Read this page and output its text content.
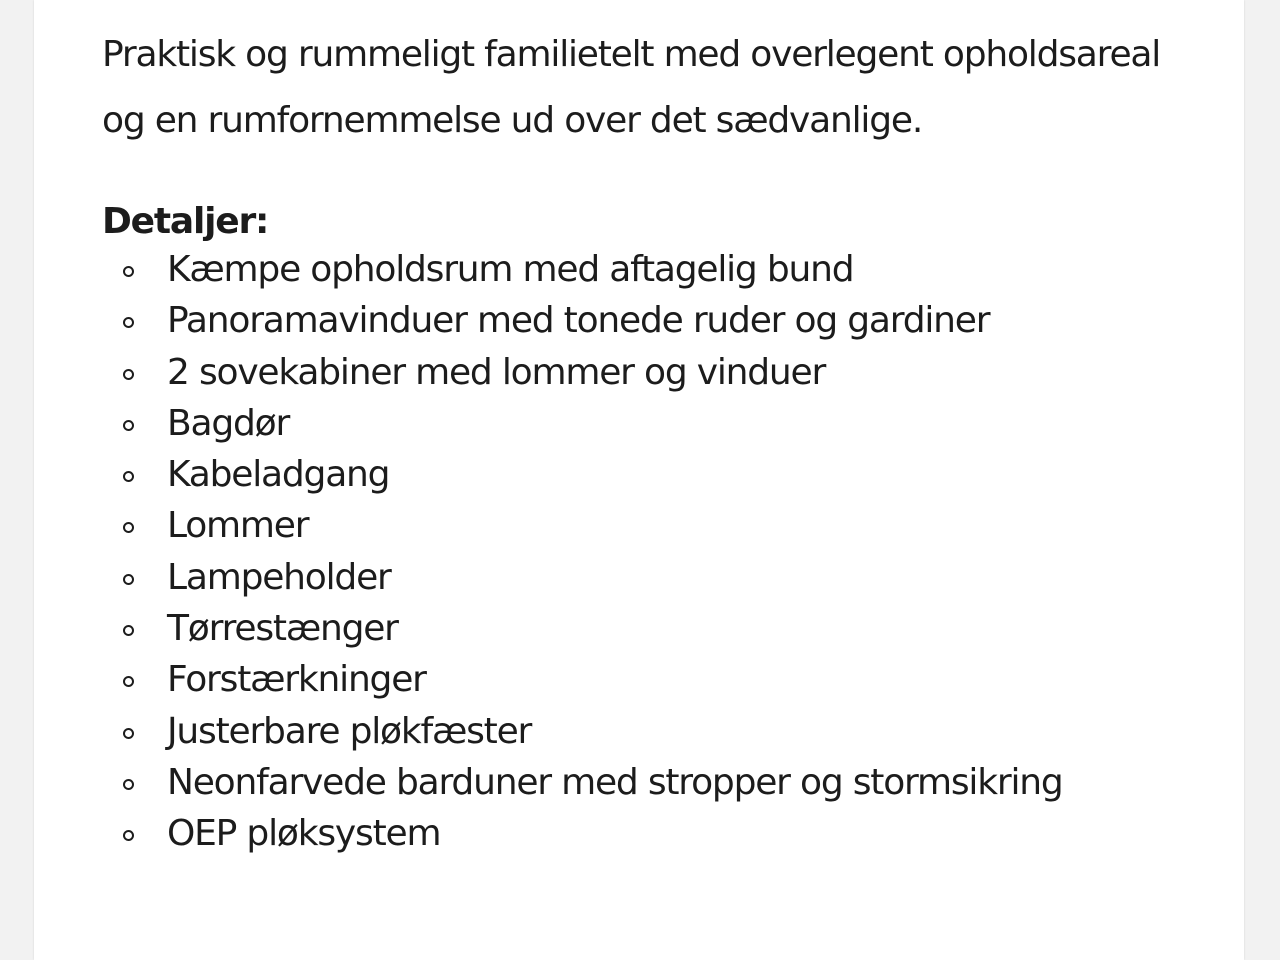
Praktisk og rummeligt familietelt med overlegent opholdsareal og en rumfornemmelse ud over det sædvanlige.

Detaljer:
Kæmpe opholdsrum med aftagelig bund
Panoramavinduer med tonede ruder og gardiner
2 sovekabiner med lommer og vinduer
Bagdør
Kabeladgang
Lommer
Lampeholder
Tørrestænger
Forstærkninger
Justerbare pløkfæster
Neonfarvede barduner med stropper og stormsikring
OEP pløksystem
